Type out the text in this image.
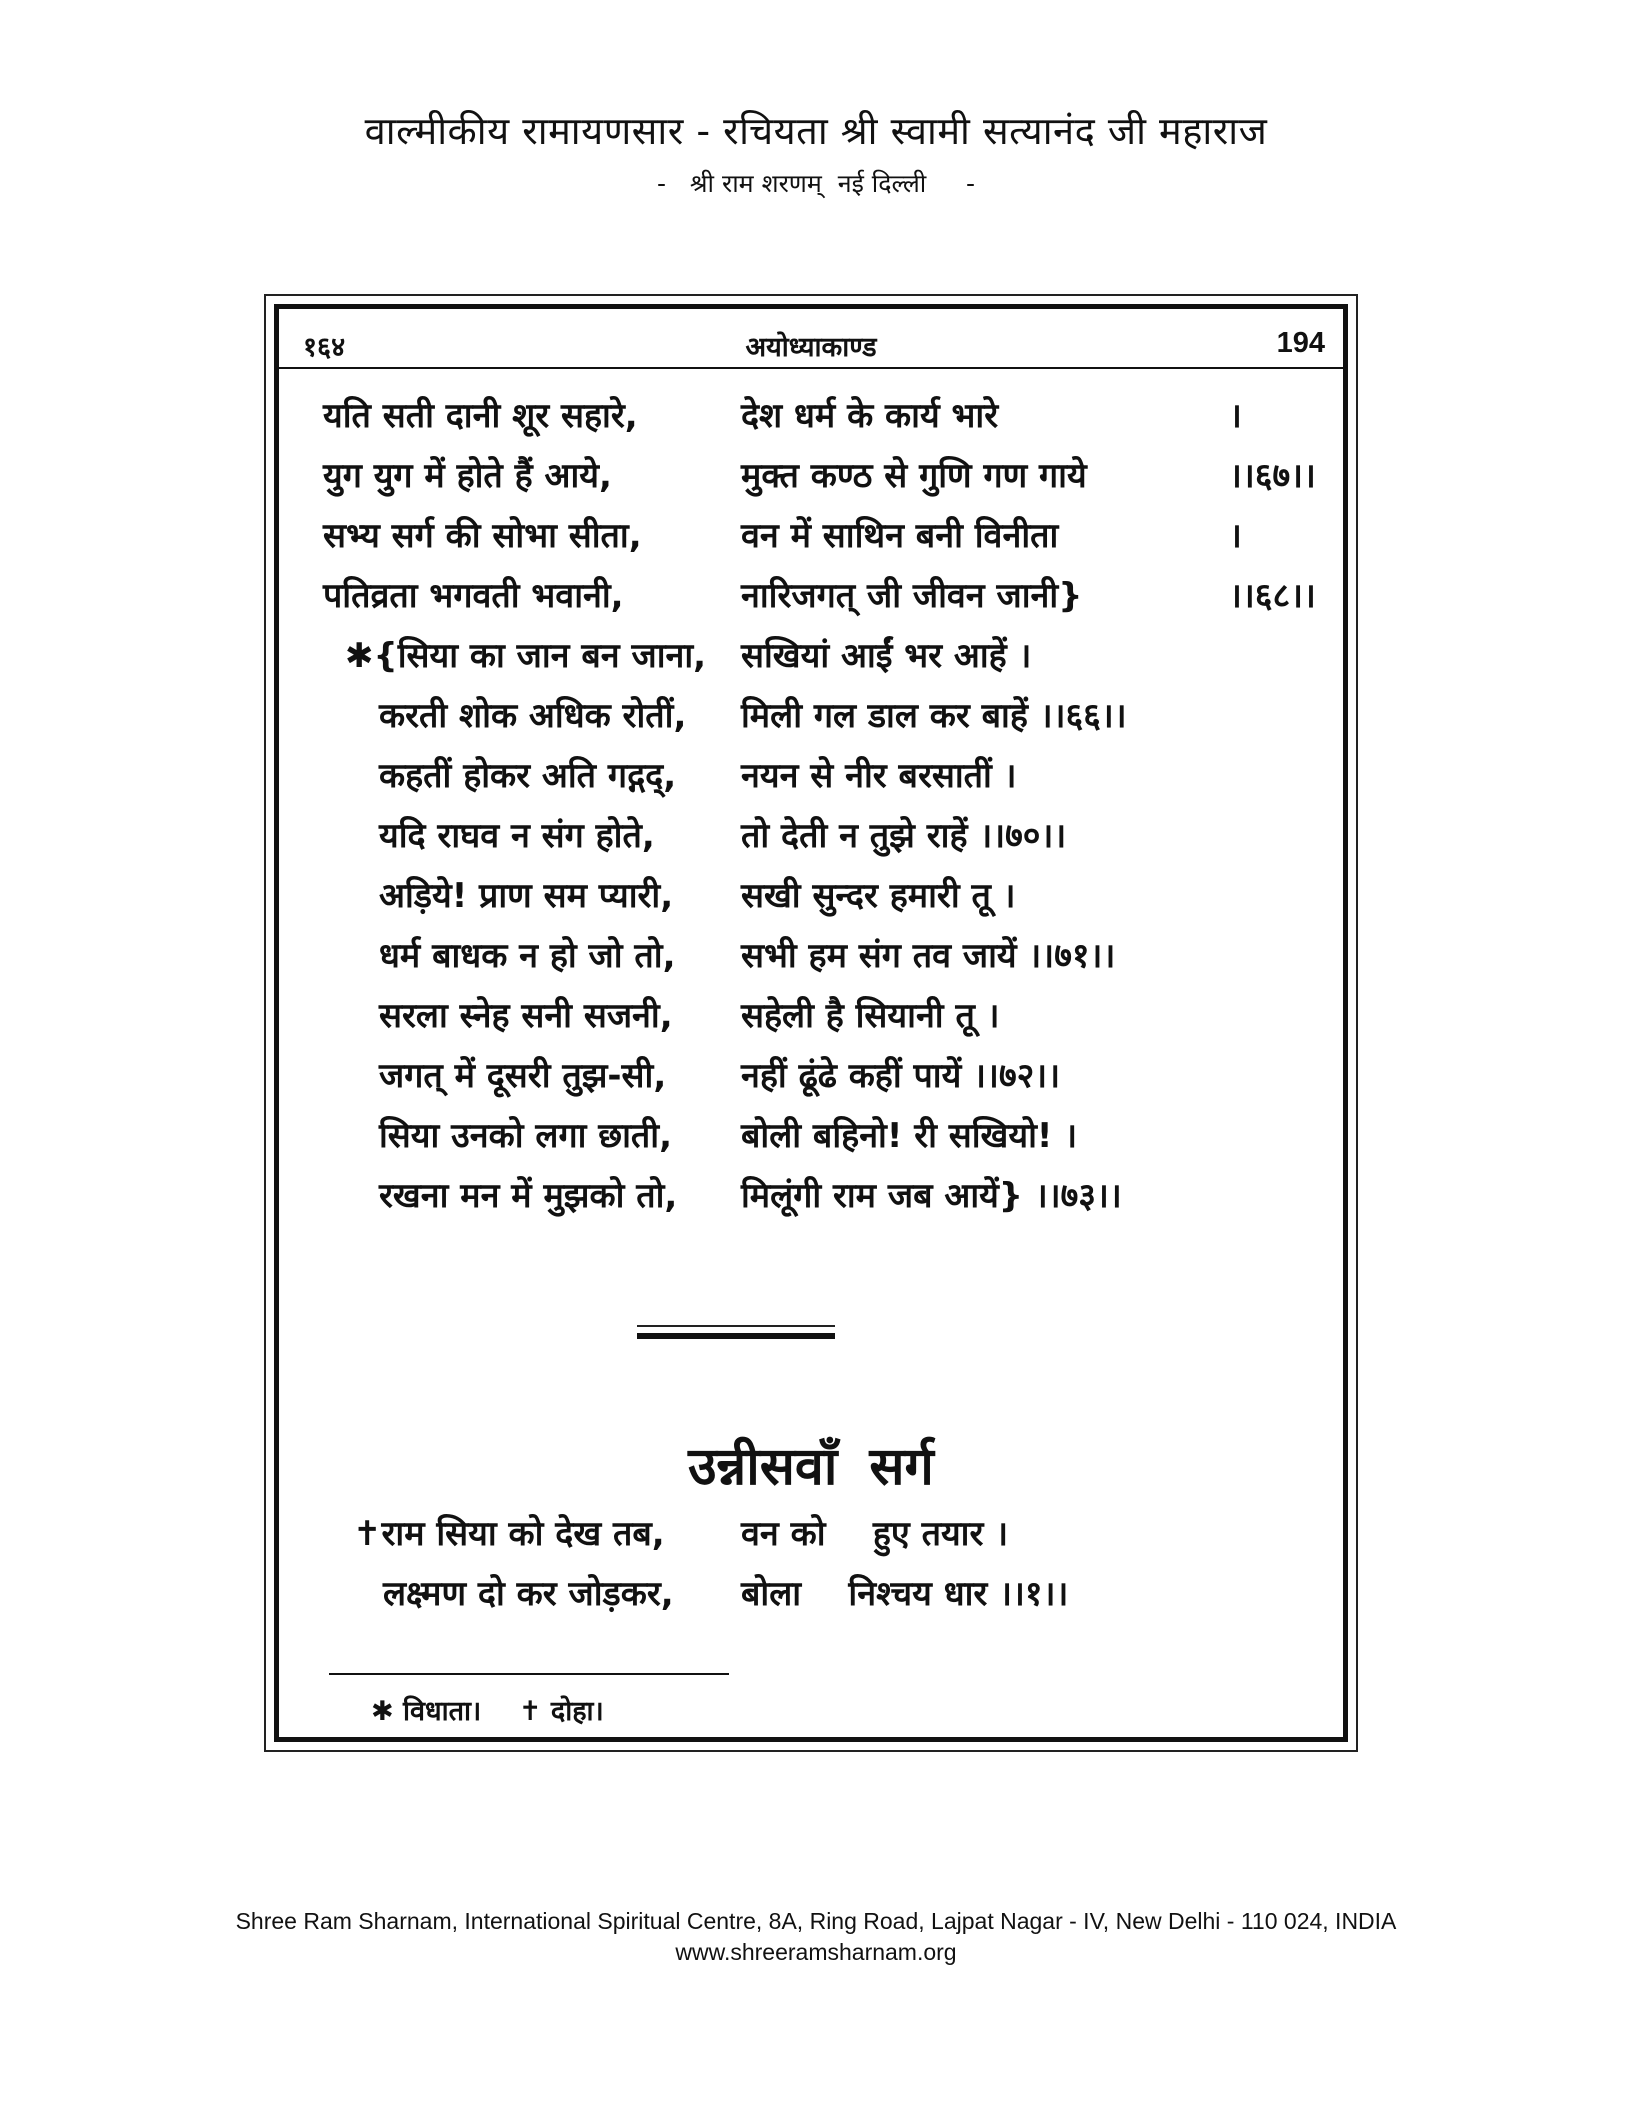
वाल्मीकीय रामायणसार - रचियता श्री स्वामी सत्यानंद जी महाराज
-   श्री राम शरणम्  नई दिल्ली     -
१६४	अयोध्याकाण्ड	194
यति सती दानी शूर सहारे,	देश धर्म के कार्य भारे	।
युग युग में होते हैं आये,	मुक्त कण्ठ से गुणि गण गाये	।।६७।।
सभ्य सर्ग की सोभा सीता,	वन में साथिन बनी विनीता	।
पतिव्रता भगवती भवानी,	नारिजगत् जी जीवन जानी}	।।६८।।
✱{सिया का जान बन जाना, सखियां आईं भर आहें ।
करती शोक अधिक रोतीं, मिली गल डाल कर बाहें ।।६६।।
कहतीं होकर अति गद्गद्, नयन से नीर बरसातीं ।
यदि राघव न संग होते,	तो देती न तुझे राहें ।।७०।।
अड़िये! प्राण सम प्यारी, सखी सुन्दर हमारी तू ।
धर्म बाधक न हो जो तो, सभी हम संग तव जायें ।।७१।।
सरला स्नेह सनी सजनी, सहेली है सियानी तू ।
जगत् में दूसरी तुझ-सी, नहीं ढूंढे कहीं पायें ।।७२।।
सिया उनको लगा छाती, बोली बहिनो! री सखियो! ।
रखना मन में मुझको तो, मिलूंगी राम जब आयें} ।।७३।।
उन्नीसवाँ सर्ग
✝राम सिया को देख तब, वन को    हुए तयार ।
लक्ष्मण दो कर जोड़कर, बोला    निश्चय धार ।।१।।
✱ विधाता।    ✝ दोहा।
Shree Ram Sharnam, International Spiritual Centre, 8A, Ring Road, Lajpat Nagar - IV, New Delhi - 110 024, INDIA
www.shreeramsharnam.org
